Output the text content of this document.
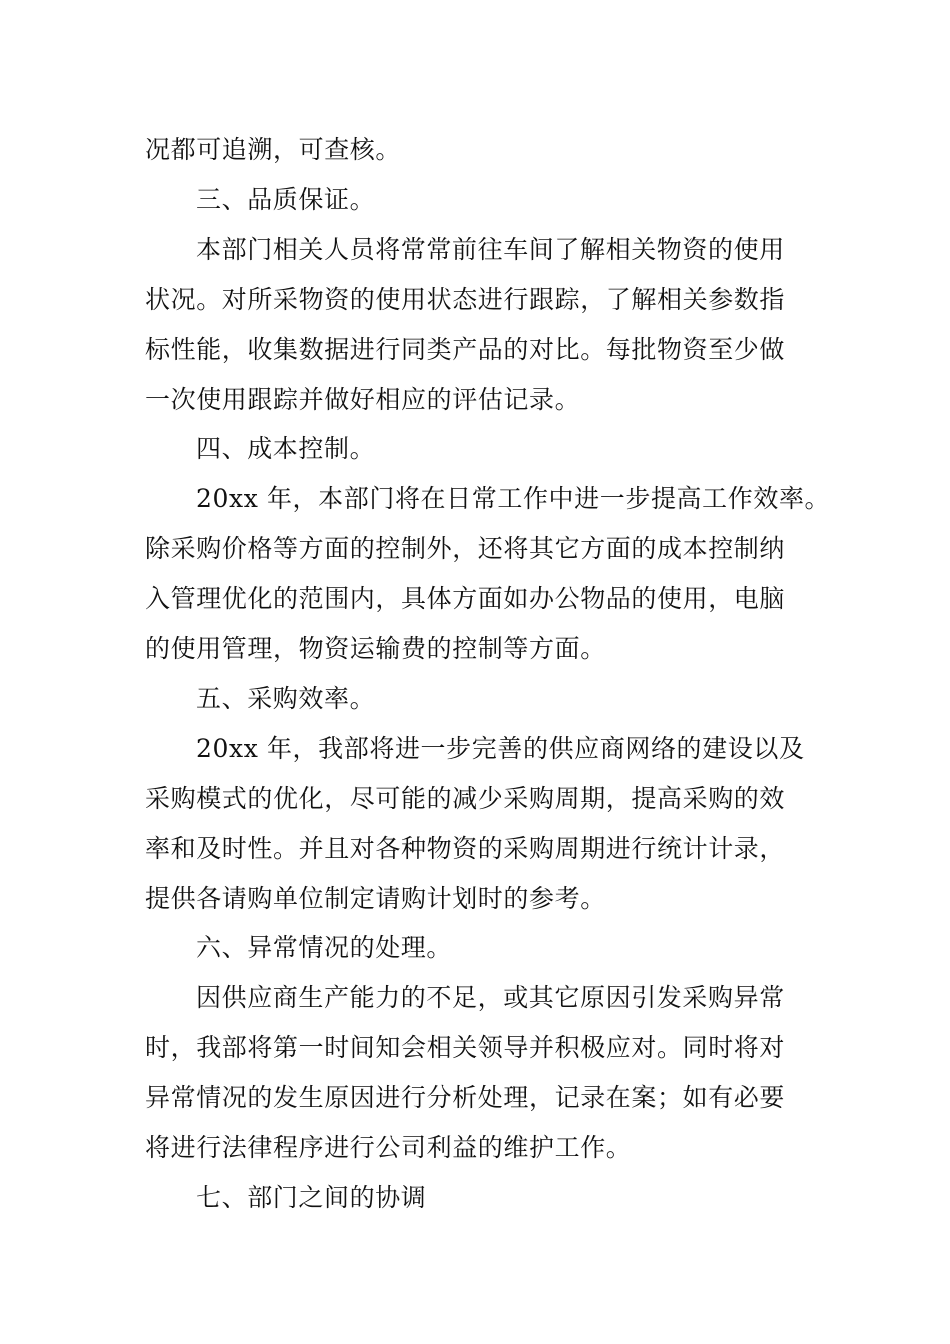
况都可追溯，可查核。
三、品质保证。
本部门相关人员将常常前往车间了解相关物资的使用
状况。对所采物资的使用状态进行跟踪，了解相关参数指
标性能，收集数据进行同类产品的对比。每批物资至少做
一次使用跟踪并做好相应的评估记录。
四、成本控制。
20xx 年，本部门将在日常工作中进一步提高工作效率。
除采购价格等方面的控制外，还将其它方面的成本控制纳
入管理优化的范围内，具体方面如办公物品的使用，电脑
的使用管理，物资运输费的控制等方面。
五、采购效率。
20xx 年，我部将进一步完善的供应商网络的建设以及
采购模式的优化，尽可能的减少采购周期，提高采购的效
率和及时性。并且对各种物资的采购周期进行统计计录，
提供各请购单位制定请购计划时的参考。
六、异常情况的处理。
因供应商生产能力的不足，或其它原因引发采购异常
时，我部将第一时间知会相关领导并积极应对。同时将对
异常情况的发生原因进行分析处理，记录在案；如有必要
将进行法律程序进行公司利益的维护工作。
七、部门之间的协调
